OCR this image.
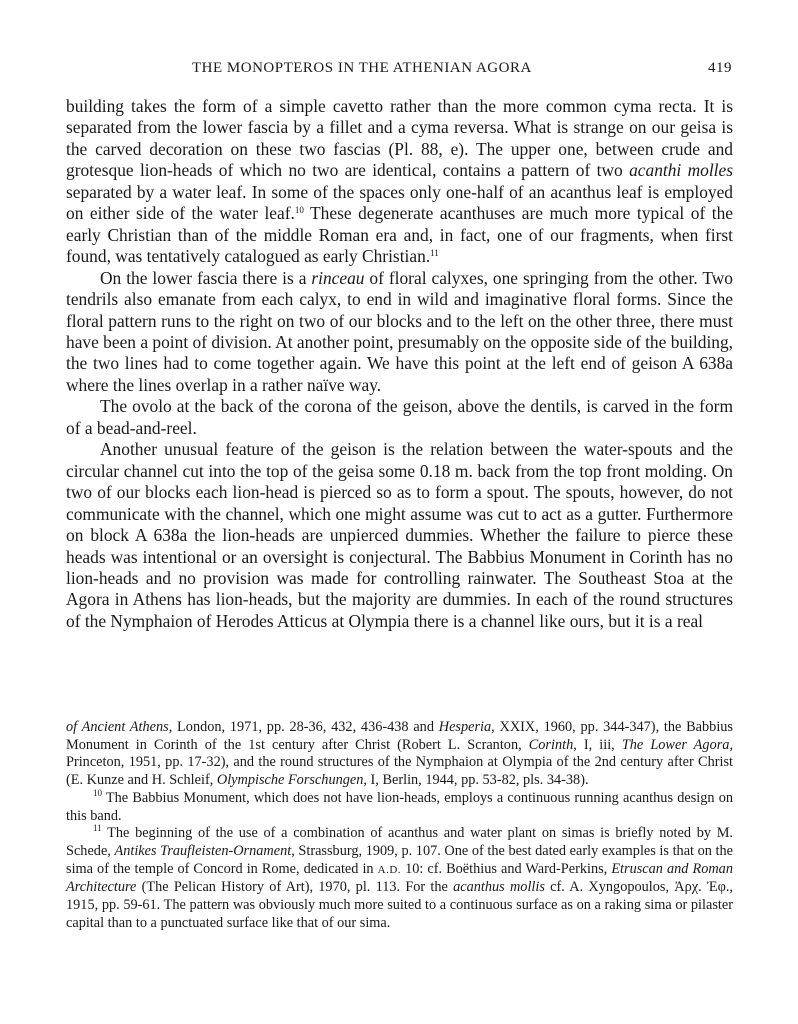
THE MONOPTEROS IN THE ATHENIAN AGORA	419

building takes the form of a simple cavetto rather than the more common cyma recta. It is separated from the lower fascia by a fillet and a cyma reversa. What is strange on our geisa is the carved decoration on these two fascias (Pl. 88, e). The upper one, between crude and grotesque lion-heads of which no two are identical, contains a pattern of two acanthi molles separated by a water leaf. In some of the spaces only one-half of an acanthus leaf is employed on either side of the water leaf.$^{10}$ These degenerate acanthuses are much more typical of the early Christian than of the middle Roman era and, in fact, one of our fragments, when first found, was tentatively catalogued as early Christian.$^{11}$

On the lower fascia there is a rinceau of floral calyxes, one springing from the other. Two tendrils also emanate from each calyx, to end in wild and imaginative floral forms. Since the floral pattern runs to the right on two of our blocks and to the left on the other three, there must have been a point of division. At another point, presumably on the opposite side of the building, the two lines had to come together again. We have this point at the left end of geison A 638a where the lines overlap in a rather naïve way.

The ovolo at the back of the corona of the geison, above the dentils, is carved in the form of a bead-and-reel.

Another unusual feature of the geison is the relation between the water-spouts and the circular channel cut into the top of the geisa some 0.18 m. back from the top front molding. On two of our blocks each lion-head is pierced so as to form a spout. The spouts, however, do not communicate with the channel, which one might assume was cut to act as a gutter. Furthermore on block A 638a the lion-heads are unpierced dummies. Whether the failure to pierce these heads was intentional or an oversight is conjectural. The Babbius Monument in Corinth has no lion-heads and no provision was made for controlling rainwater. The Southeast Stoa at the Agora in Athens has lion-heads, but the majority are dummies. In each of the round structures of the Nymphaion of Herodes Atticus at Olympia there is a channel like ours, but it is a real

of Ancient Athens, London, 1971, pp. 28-36, 432, 436-438 and Hesperia, XXIX, 1960, pp. 344-347), the Babbius Monument in Corinth of the 1st century after Christ (Robert L. Scranton, Corinth, I, iii, The Lower Agora, Princeton, 1951, pp. 17-32), and the round structures of the Nymphaion at Olympia of the 2nd century after Christ (E. Kunze and H. Schleif, Olympische Forschungen, I, Berlin, 1944, pp. 53-82, pls. 34-38).

$^{10}$ The Babbius Monument, which does not have lion-heads, employs a continuous running acanthus design on this band.

$^{11}$ The beginning of the use of a combination of acanthus and water plant on simas is briefly noted by M. Schede, Antikes Traufleisten-Ornament, Strassburg, 1909, p. 107. One of the best dated early examples is that on the sima of the temple of Concord in Rome, dedicated in A.D. 10: cf. Boëthius and Ward-Perkins, Etruscan and Roman Architecture (The Pelican History of Art), 1970, pl. 113. For the acanthus mollis cf. A. Xyngopoulos, Ἀρχ. Ἐφ., 1915, pp. 59-61. The pattern was obviously much more suited to a continuous surface as on a raking sima or pilaster capital than to a punctuated surface like that of our sima.
